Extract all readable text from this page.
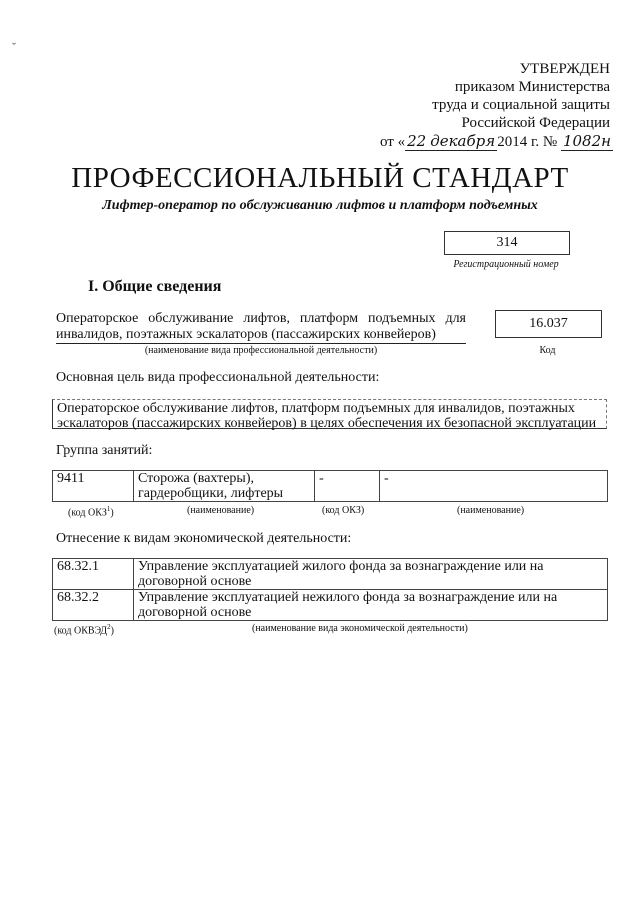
ˇ
УТВЕРЖДЕН
приказом Министерства
труда и социальной защиты
Российской Федерации
от « 22 декабря 2014 г. № 1082н
ПРОФЕССИОНАЛЬНЫЙ СТАНДАРТ
Лифтер-оператор по обслуживанию лифтов и платформ подъемных
314
Регистрационный номер
I. Общие сведения
Операторское обслуживание лифтов, платформ подъемных для инвалидов, поэтажных эскалаторов (пассажирских конвейеров)
(наименование вида профессиональной деятельности)
16.037
Код
Основная цель вида профессиональной деятельности:
Операторское обслуживание лифтов, платформ подъемных для инвалидов, поэтажных эскалаторов (пассажирских конвейеров) в целях обеспечения их безопасной эксплуатации
Группа занятий:
9411	Сторожа (вахтеры), гардеробщики, лифтеры	-	-
(код ОКЗ$^1$)	(наименование)	(код ОКЗ)	(наименование)
Отнесение к видам экономической деятельности:
68.32.1	Управление эксплуатацией жилого фонда за вознаграждение или на договорной основе
68.32.2	Управление эксплуатацией нежилого фонда за вознаграждение или на договорной основе
(код ОКВЭД$^2$)	(наименование вида экономической деятельности)
